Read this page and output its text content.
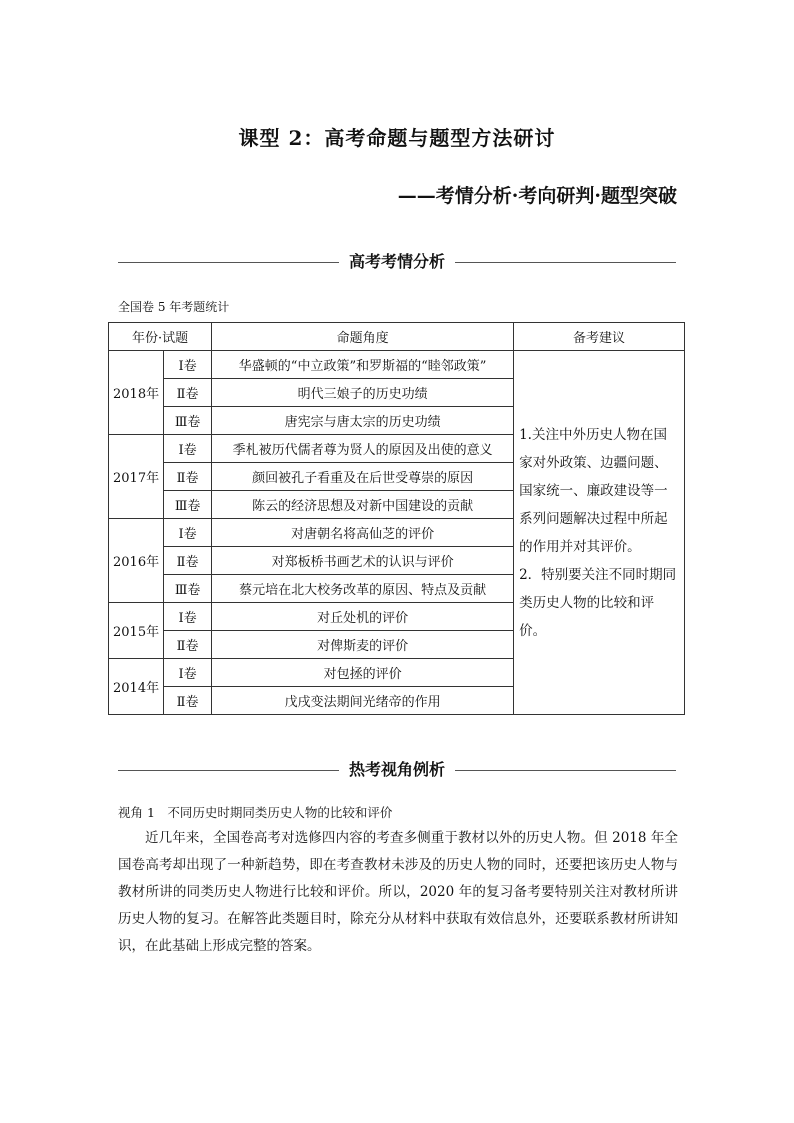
课型 2：高考命题与题型方法研讨
——考情分析·考向研判·题型突破
高考考情分析
全国卷 5 年考题统计
年份·试题		命题角度	备考建议
2018年	Ⅰ卷	华盛顿的“中立政策”和罗斯福的“睦邻政策”	1.关注中外历史人物在国家对外政策、边疆问题、国家统一、廉政建设等一系列问题解决过程中所起的作用并对其评价。
2．特别要关注不同时期同类历史人物的比较和评价。

	Ⅱ卷	明代三娘子的历史功绩	
	Ⅲ卷	唐宪宗与唐太宗的历史功绩	
2017年	Ⅰ卷	季札被历代儒者尊为贤人的原因及出使的意义	
	Ⅱ卷	颜回被孔子看重及在后世受尊崇的原因	
	Ⅲ卷	陈云的经济思想及对新中国建设的贡献	
2016年	Ⅰ卷	对唐朝名将高仙芝的评价	
	Ⅱ卷	对郑板桥书画艺术的认识与评价	
	Ⅲ卷	蔡元培在北大校务改革的原因、特点及贡献	
2015年	Ⅰ卷	对丘处机的评价	
	Ⅱ卷	对俾斯麦的评价	
2014年	Ⅰ卷	对包拯的评价	
	Ⅱ卷	戊戌变法期间光绪帝的作用	
热考视角例析
视角 1　不同历史时期同类历史人物的比较和评价
近几年来，全国卷高考对选修四内容的考查多侧重于教材以外的历史人物。但 2018 年全国卷高考却出现了一种新趋势，即在考查教材未涉及的历史人物的同时，还要把该历史人物与教材所讲的同类历史人物进行比较和评价。所以，2020 年的复习备考要特别关注对教材所讲历史人物的复习。在解答此类题目时，除充分从材料中获取有效信息外，还要联系教材所讲知识，在此基础上形成完整的答案。
